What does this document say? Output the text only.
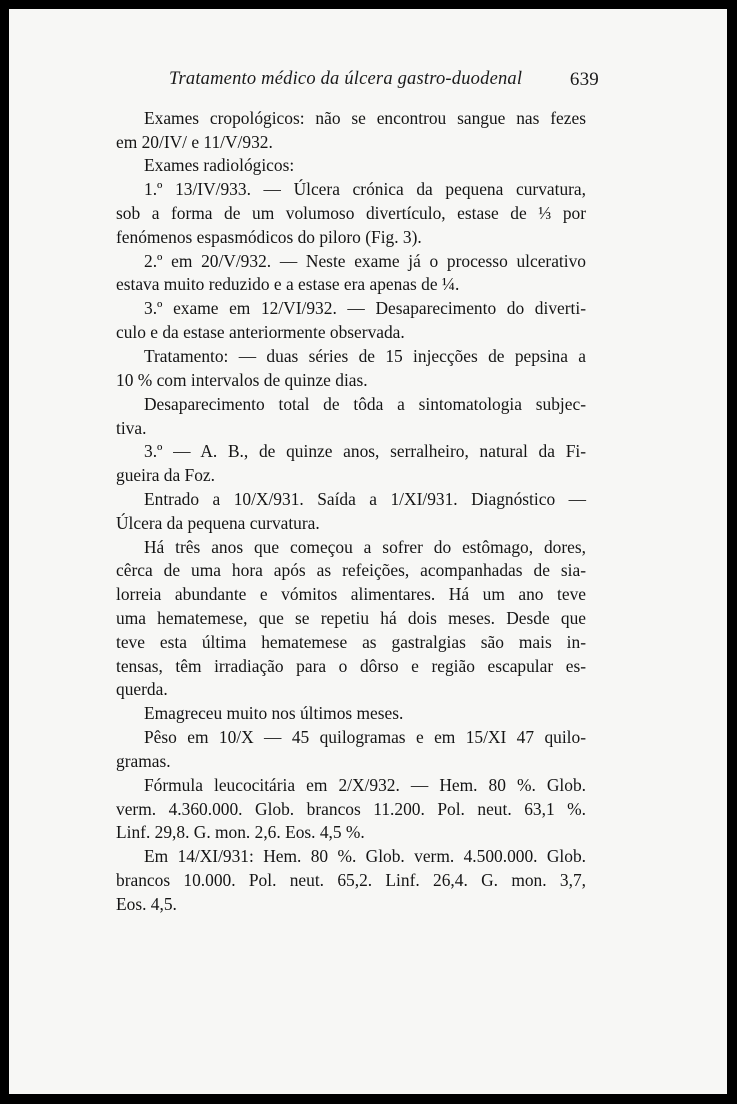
Tratamento médico da úlcera gastro-duodenal	639
Exames cropológicos: não se encontrou sangue nas fezes
em 20/IV/ e 11/V/932.
Exames radiológicos:
1.º 13/IV/933. — Úlcera crónica da pequena curvatura,
sob a forma de um volumoso divertículo, estase de ⅓ por
fenómenos espasmódicos do piloro (Fig. 3).
2.º em 20/V/932. — Neste exame já o processo ulcerativo
estava muito reduzido e a estase era apenas de ¼.
3.º exame em 12/VI/932. — Desaparecimento do diverti-
culo e da estase anteriormente observada.
Tratamento: — duas séries de 15 injecções de pepsina a
10 % com intervalos de quinze dias.
Desaparecimento total de tôda a sintomatologia subjec-
tiva.
3.º — A. B., de quinze anos, serralheiro, natural da Fi-
gueira da Foz.
Entrado a 10/X/931. Saída a 1/XI/931. Diagnóstico —
Úlcera da pequena curvatura.
Há três anos que começou a sofrer do estômago, dores,
cêrca de uma hora após as refeições, acompanhadas de sia-
lorreia abundante e vómitos alimentares. Há um ano teve
uma hematemese, que se repetiu há dois meses. Desde que
teve esta última hematemese as gastralgias são mais in-
tensas, têm irradiação para o dôrso e região escapular es-
querda.
Emagreceu muito nos últimos meses.
Pêso em 10/X — 45 quilogramas e em 15/XI 47 quilo-
gramas.
Fórmula leucocitária em 2/X/932. — Hem. 80 %. Glob.
verm. 4.360.000. Glob. brancos 11.200. Pol. neut. 63,1 %.
Linf. 29,8. G. mon. 2,6. Eos. 4,5 %.
Em 14/XI/931: Hem. 80 %. Glob. verm. 4.500.000. Glob.
brancos 10.000. Pol. neut. 65,2. Linf. 26,4. G. mon. 3,7,
Eos. 4,5.
